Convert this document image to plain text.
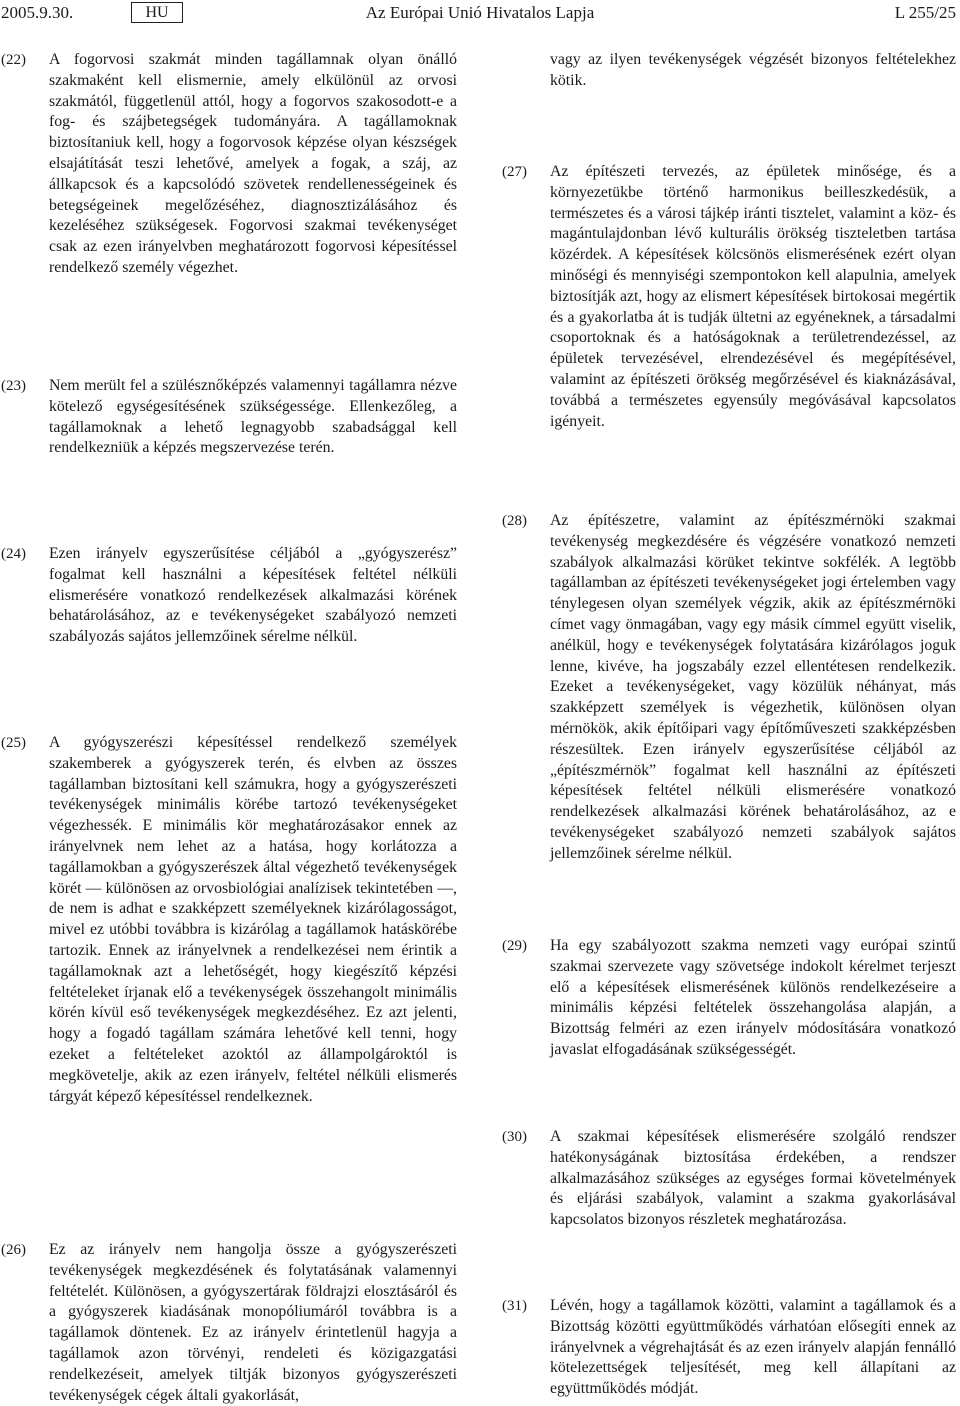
2005.9.30.	HU	Az Európai Unió Hivatalos Lapja	L 255/25
(22) A fogorvosi szakmát minden tagállamnak olyan önálló szakmaként kell elismernie, amely elkülönül az orvosi szakmától, függetlenül attól, hogy a fogorvos szakosodott-e a fog- és szájbetegségek tudományára. A tagállamoknak biztosítaniuk kell, hogy a fogorvosok képzése olyan készségek elsajátítását teszi lehetővé, amelyek a fogak, a száj, az állkapcsok és a kapcsolódó szövetek rendellenességeinek és betegségeinek megelőzéséhez, diagnosztizálásához és kezeléséhez szükségesek. Fogorvosi szakmai tevékenységet csak az ezen irányelvben meghatározott fogorvosi képesítéssel rendelkező személy végezhet.
(23) Nem merült fel a szülésznőképzés valamennyi tagállamra nézve kötelező egységesítésének szükségessége. Ellenkezőleg, a tagállamoknak a lehető legnagyobb szabadsággal kell rendelkezniük a képzés megszervezése terén.
(24) Ezen irányelv egyszerűsítése céljából a „gyógyszerész” fogalmat kell használni a képesítések feltétel nélküli elismerésére vonatkozó rendelkezések alkalmazási körének behatárolásához, az e tevékenységeket szabályozó nemzeti szabályozás sajátos jellemzőinek sérelme nélkül.
(25) A gyógyszerészi képesítéssel rendelkező személyek szakemberek a gyógyszerek terén, és elvben az összes tagállamban biztosítani kell számukra, hogy a gyógyszerészeti tevékenységek minimális körébe tartozó tevékenységeket végezhessék. E minimális kör meghatározásakor ennek az irányelvnek nem lehet az a hatása, hogy korlátozza a tagállamokban a gyógyszerészek által végezhető tevékenységek körét — különösen az orvosbiológiai analízisek tekintetében —, de nem is adhat e szakképzett személyeknek kizárólagosságot, mivel ez utóbbi továbbra is kizárólag a tagállamok hatáskörébe tartozik. Ennek az irányelvnek a rendelkezései nem érintik a tagállamoknak azt a lehetőségét, hogy kiegészítő képzési feltételeket írjanak elő a tevékenységek összehangolt minimális körén kívül eső tevékenységek megkezdéséhez. Ez azt jelenti, hogy a fogadó tagállam számára lehetővé kell tenni, hogy ezeket a feltételeket azoktól az állampolgároktól is megkövetelje, akik az ezen irányelv, feltétel nélküli elismerés tárgyát képező képesítéssel rendelkeznek.
(26) Ez az irányelv nem hangolja össze a gyógyszerészeti tevékenységek megkezdésének és folytatásának valamennyi feltételét. Különösen, a gyógyszertárak földrajzi elosztásáról és a gyógyszerek kiadásának monopóliumáról továbbra is a tagállamok döntenek. Ez az irányelv érintetlenül hagyja a tagállamok azon törvényi, rendeleti és közigazgatási rendelkezéseit, amelyek tiltják bizonyos gyógyszerészeti tevékenységek cégek általi gyakorlását,
vagy az ilyen tevékenységek végzését bizonyos feltételekhez kötik.
(27) Az építészeti tervezés, az épületek minősége, és a környezetükbe történő harmonikus beilleszkedésük, a természetes és a városi tájkép iránti tisztelet, valamint a köz- és magántulajdonban lévő kulturális örökség tiszteletben tartása közérdek. A képesítések kölcsönös elismerésének ezért olyan minőségi és mennyiségi szempontokon kell alapulnia, amelyek biztosítják azt, hogy az elismert képesítések birtokosai megértik és a gyakorlatba át is tudják ültetni az egyéneknek, a társadalmi csoportoknak és a hatóságoknak a területrendezéssel, az épületek tervezésével, elrendezésével és megépítésével, valamint az építészeti örökség megőrzésével és kiaknázásával, továbbá a természetes egyensúly megóvásával kapcsolatos igényeit.
(28) Az építészetre, valamint az építészmérnöki szakmai tevékenység megkezdésére és végzésére vonatkozó nemzeti szabályok alkalmazási körüket tekintve sokfélék. A legtöbb tagállamban az építészeti tevékenységeket jogi értelemben vagy ténylegesen olyan személyek végzik, akik az építészmérnöki címet vagy önmagában, vagy egy másik címmel együtt viselik, anélkül, hogy e tevékenységek folytatására kizárólagos joguk lenne, kivéve, ha jogszabály ezzel ellentétesen rendelkezik. Ezeket a tevékenységeket, vagy közülük néhányat, más szakképzett személyek is végezhetik, különösen olyan mérnökök, akik építőipari vagy építőműveszeti szakképzésben részesültek. Ezen irányelv egyszerűsítése céljából az „építészmérnök” fogalmat kell használni az építészeti képesítések feltétel nélküli elismerésére vonatkozó rendelkezések alkalmazási körének behatárolásához, az e tevékenységeket szabályozó nemzeti szabályok sajátos jellemzőinek sérelme nélkül.
(29) Ha egy szabályozott szakma nemzeti vagy európai szintű szakmai szervezete vagy szövetsége indokolt kérelmet terjeszt elő a képesítések elismerésének különös rendelkezéseire a minimális képzési feltételek összehangolása alapján, a Bizottság felméri az ezen irányelv módosítására vonatkozó javaslat elfogadásának szükségességét.
(30) A szakmai képesítések elismerésére szolgáló rendszer hatékonyságának biztosítása érdekében, a rendszer alkalmazásához szükséges az egységes formai követelmények és eljárási szabályok, valamint a szakma gyakorlásával kapcsolatos bizonyos részletek meghatározása.
(31) Lévén, hogy a tagállamok közötti, valamint a tagállamok és a Bizottság közötti együttműködés várhatóan elősegíti ennek az irányelvnek a végrehajtását és az ezen irányelv alapján fennálló kötelezettségek teljesítését, meg kell állapítani az együttműködés módját.
